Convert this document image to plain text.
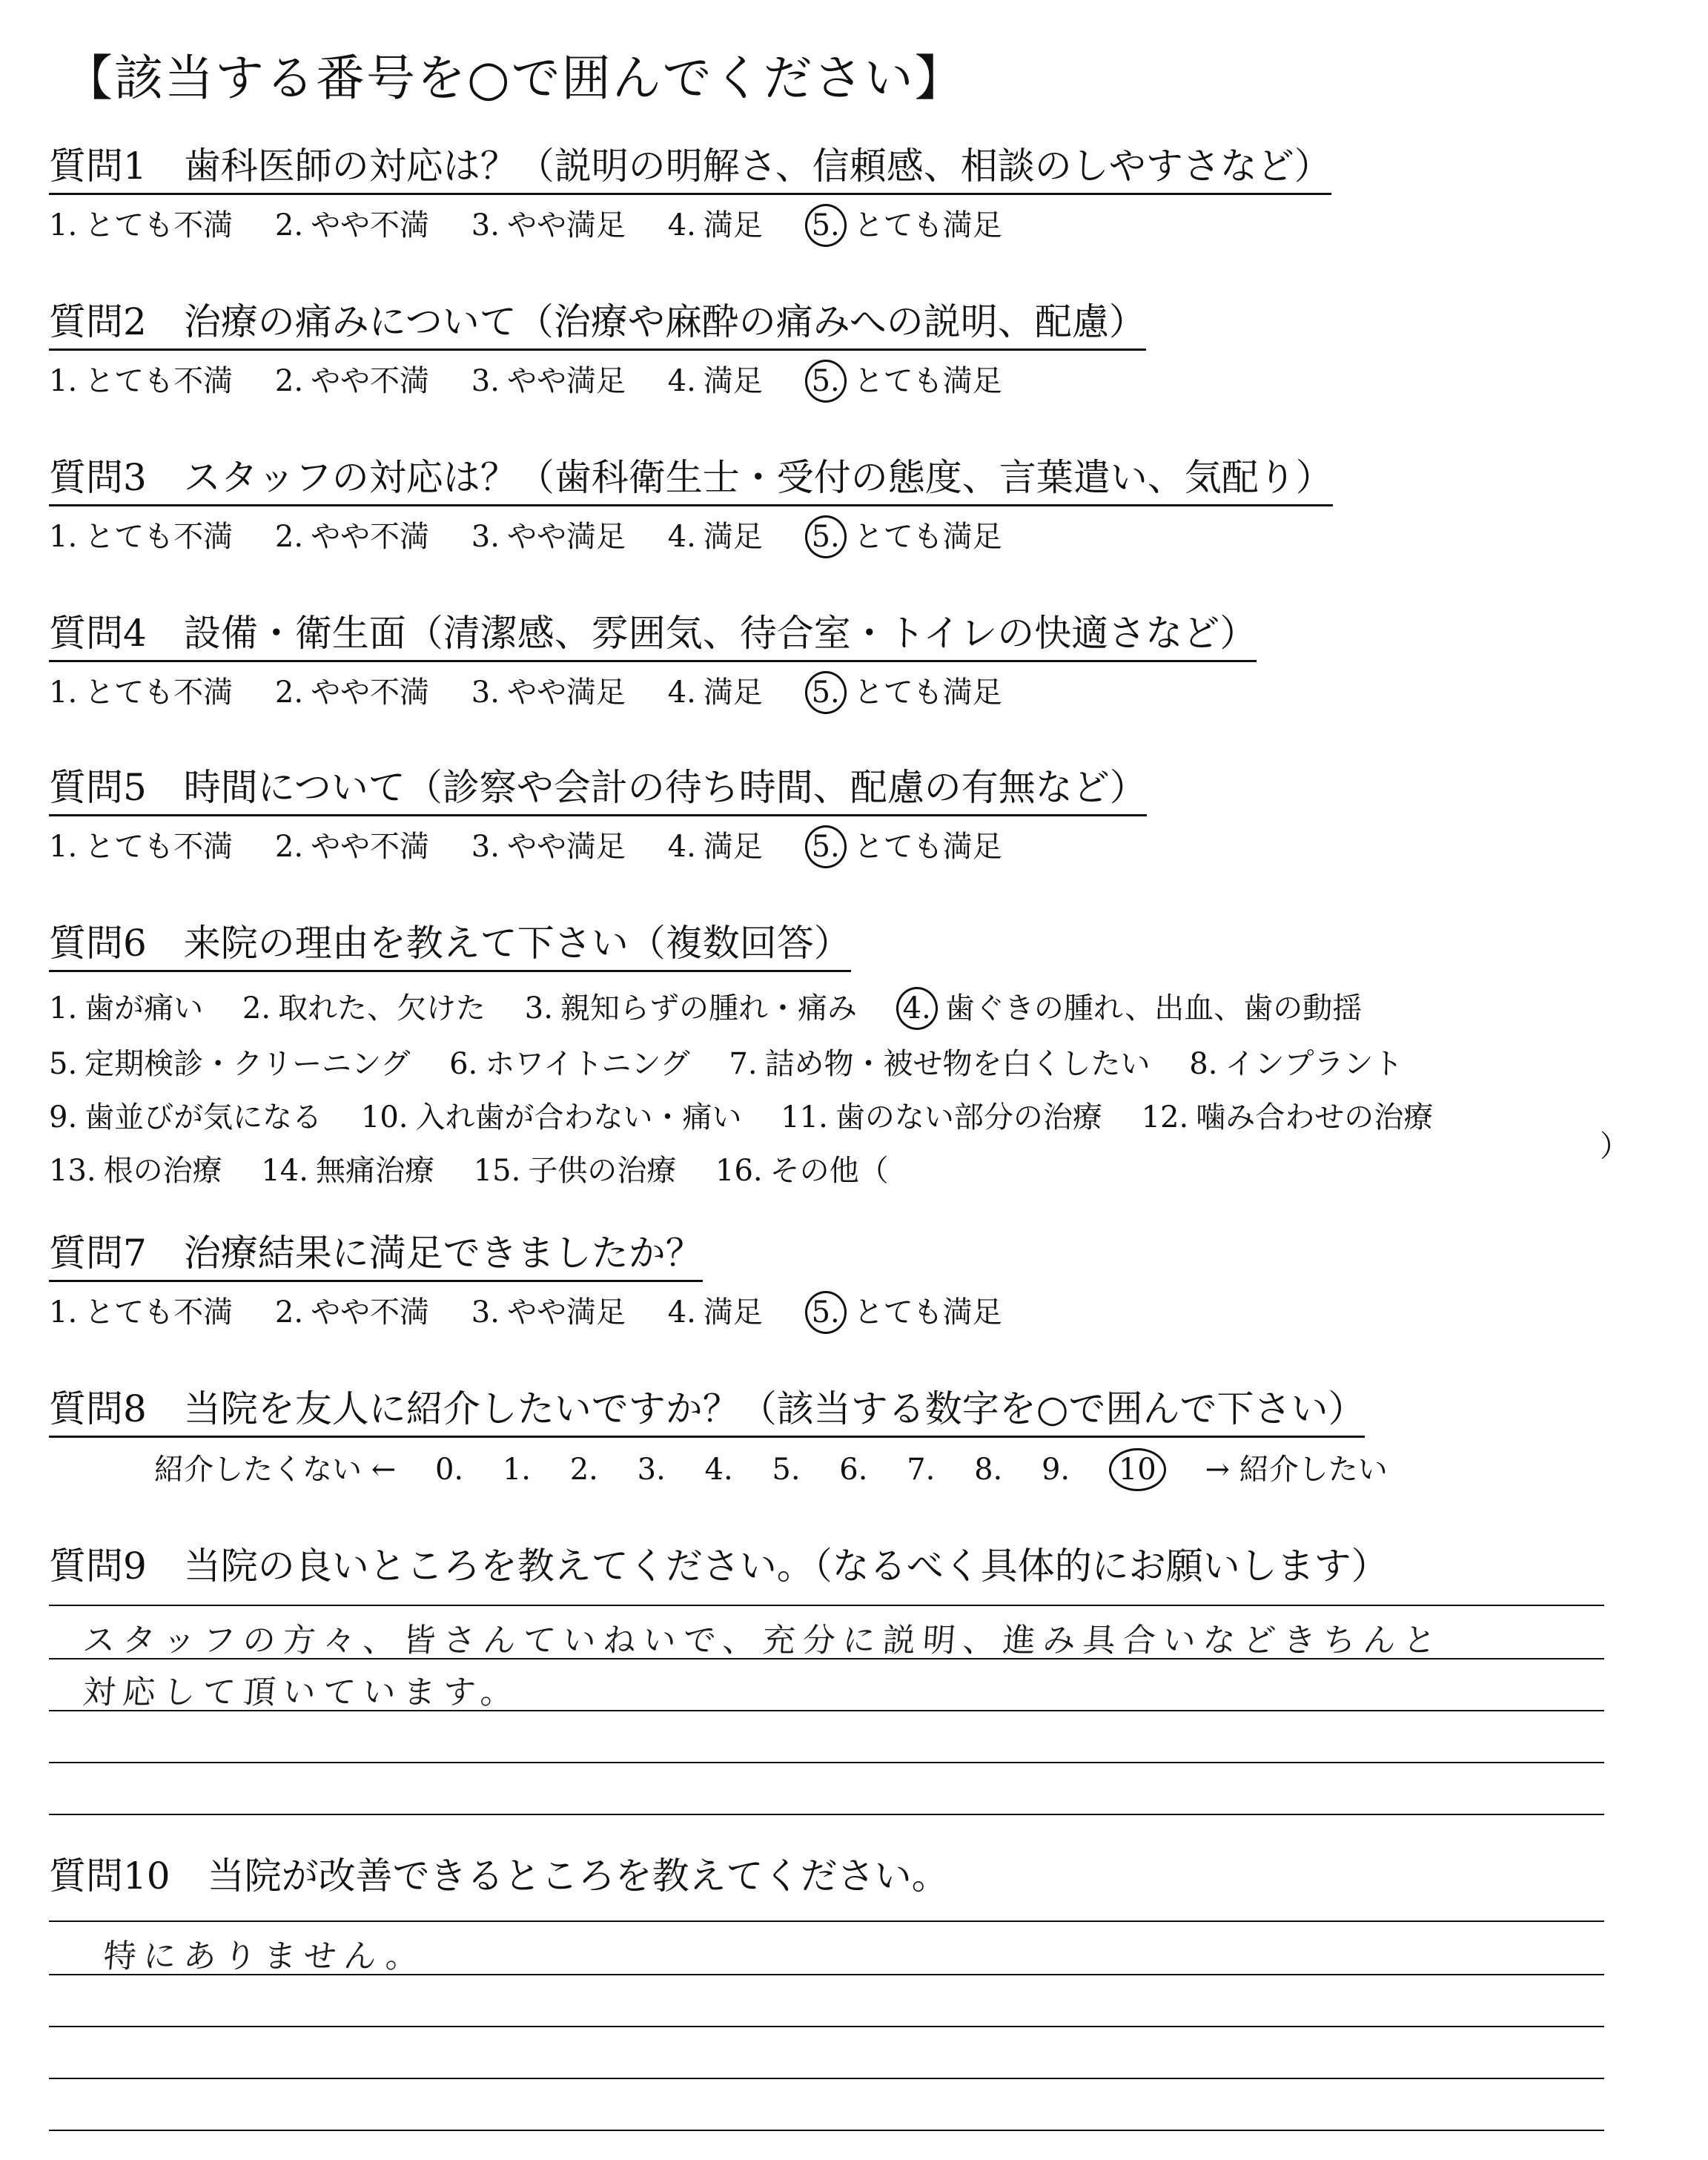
【該当する番号を○で囲んでください】
質問1　歯科医師の対応は？（説明の明解さ、信頼感、相談のしやすさなど）
1. とても不満 2. やや不満 3. やや満足 4. 満足 5. とても満足
質問2　治療の痛みについて（治療や麻酔の痛みへの説明、配慮）
1. とても不満 2. やや不満 3. やや満足 4. 満足 5. とても満足
質問3　スタッフの対応は？（歯科衛生士・受付の態度、言葉遣い、気配り）
1. とても不満 2. やや不満 3. やや満足 4. 満足 5. とても満足
質問4　設備・衛生面（清潔感、雰囲気、待合室・トイレの快適さなど）
1. とても不満 2. やや不満 3. やや満足 4. 満足 5. とても満足
質問5　時間について（診察や会計の待ち時間、配慮の有無など）
1. とても不満 2. やや不満 3. やや満足 4. 満足 5. とても満足
質問6　来院の理由を教えて下さい（複数回答）
1. 歯が痛い 2. 取れた、欠けた 3. 親知らずの腫れ・痛み 4. 歯ぐきの腫れ、出血、歯の動揺
5. 定期検診・クリーニング 6. ホワイトニング 7. 詰め物・被せ物を白くしたい 8. インプラント
9. 歯並びが気になる 10. 入れ歯が合わない・痛い 11. 歯のない部分の治療 12. 噛み合わせの治療
13. 根の治療 14. 無痛治療 15. 子供の治療 16. その他（
）
質問7　治療結果に満足できましたか？
1. とても不満 2. やや不満 3. やや満足 4. 満足 5. とても満足
質問8　当院を友人に紹介したいですか？（該当する数字を○で囲んで下さい）
紹介したくない ← 0. 1. 2. 3. 4. 5. 6. 7. 8. 9. 10 → 紹介したい
質問9　当院の良いところを教えてください。（なるべく具体的にお願いします）
スタッフの方々、皆さんていねいで、充分に説明、進み具合いなどきちんと
対応して頂いています。
質問10　当院が改善できるところを教えてください。
特にありません。
